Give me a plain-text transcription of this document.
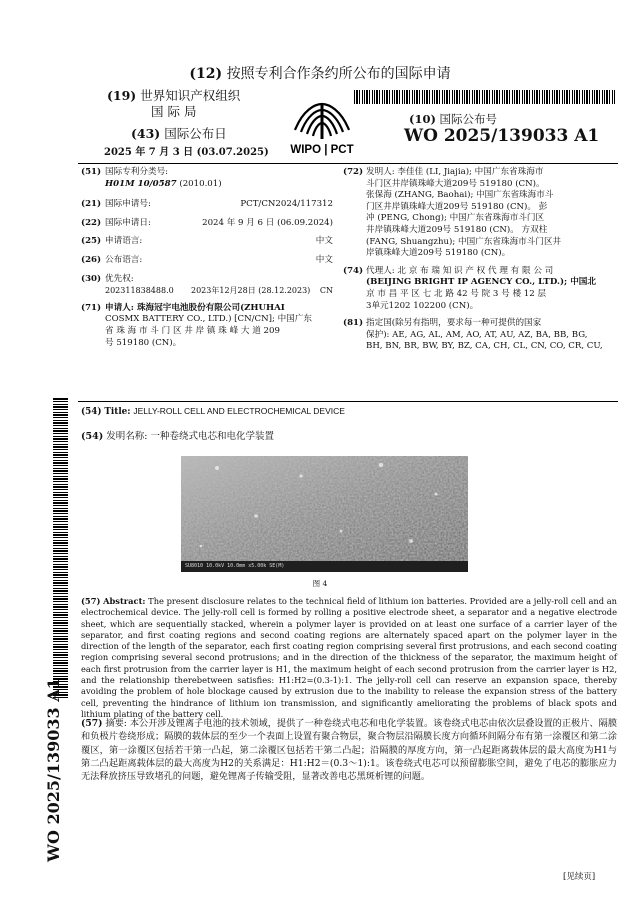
(12) 按照专利合作条约所公布的国际申请
(19) 世界知识产权组织
国 际 局
(43) 国际公布日
2025 年 7 月 3 日 (03.07.2025) WIPO | PCT
(10) 国际公布号
WO 2025/139033 A1
(51) 国际专利分类号:
H01M 10/0587 (2010.01)
(21) 国际申请号:	PCT/CN2024/117312
(22) 国际申请日:	2024 年 9 月 6 日 (06.09.2024)
(25) 申请语言:	中文
(26) 公布语言:	中文
(30) 优先权:
202311838488.0	2023年12月28日 (28.12.2023)	CN
(71) 申请人: 珠海冠宇电池股份有限公司(ZHUHAI
COSMX BATTERY CO., LTD.) [CN/CN]; 中国广东
省 珠 海 市 斗 门 区 井 岸 镇 珠 峰 大 道 209
号 519180 (CN)。
(72) 发明人: 李佳佳 (LI, Jiajia); 中国广东省珠海市
斗门区井岸镇珠峰大道209号 519180 (CN)。
张保海 (ZHANG, Baohai); 中国广东省珠海市斗
门区井岸镇珠峰大道209号 519180 (CN)。 彭
冲 (PENG, Chong); 中国广东省珠海市斗门区
井岸镇珠峰大道209号 519180 (CN)。 方双柱
(FANG, Shuangzhu); 中国广东省珠海市斗门区井
岸镇珠峰大道209号 519180 (CN)。
(74) 代理人: 北 京 布 瑞 知 识 产 权 代 理 有 限 公 司
(BEIJING BRIGHT IP AGENCY CO., LTD.); 中国北
京 市 昌 平 区 七 北 路 42 号 院 3 号 楼 12 层
3单元1202 102200 (CN)。
(81) 指定国(除另有指明，要求每一种可提供的国家
保护): AE, AG, AL, AM, AO, AT, AU, AZ, BA, BB, BG,
BH, BN, BR, BW, BY, BZ, CA, CH, CL, CN, CO, CR, CU,
WO 2025/139033 A1
(54) Title: JELLY-ROLL CELL AND ELECTROCHEMICAL DEVICE
(54) 发明名称: 一种卷绕式电芯和电化学装置
SU8010 10.0kV 10.0mm x5.00k SE(M)
图 4
(57) Abstract: The present disclosure relates to the technical field of lithium ion batteries. Provided are a jelly-roll cell and an electrochemical device. The jelly-roll cell is formed by rolling a positive electrode sheet, a separator and a negative electrode sheet, which are sequentially stacked, wherein a polymer layer is provided on at least one surface of a carrier layer of the separator, and first coating regions and second coating regions are alternately spaced apart on the polymer layer in the direction of the length of the separator, each first coating region comprising several first protrusions, and each second coating region comprising several second protrusions; and in the direction of the thickness of the separator, the maximum height of each first protrusion from the carrier layer is H1, the maximum height of each second protrusion from the carrier layer is H2, and the relationship therebetween satisfies: H1:H2=(0.3-1):1. The jelly-roll cell can reserve an expansion space, thereby avoiding the problem of hole blockage caused by extrusion due to the inability to release the expansion stress of the battery cell, preventing the hindrance of lithium ion transmission, and significantly ameliorating the problems of black spots and lithium plating of the battery cell.
(57) 摘要: 本公开涉及锂离子电池的技术领域，提供了一种卷绕式电芯和电化学装置。该卷绕式电芯由依次层叠设置的正极片、隔膜和负极片卷绕形成；隔膜的载体层的至少一个表面上设置有聚合物层，聚合物层沿隔膜长度方向循环间隔分布有第一涂覆区和第二涂覆区，第一涂覆区包括若干第一凸起，第二涂覆区包括若干第二凸起；沿隔膜的厚度方向，第一凸起距离载体层的最大高度为H1与第二凸起距离载体层的最大高度为H2的关系满足：H1:H2＝(0.3～1):1。该卷绕式电芯可以预留膨胀空间，避免了电芯的膨胀应力无法释放挤压导致堵孔的问题，避免锂离子传输受阻，显著改善电芯黑斑析锂的问题。
[见续页]
